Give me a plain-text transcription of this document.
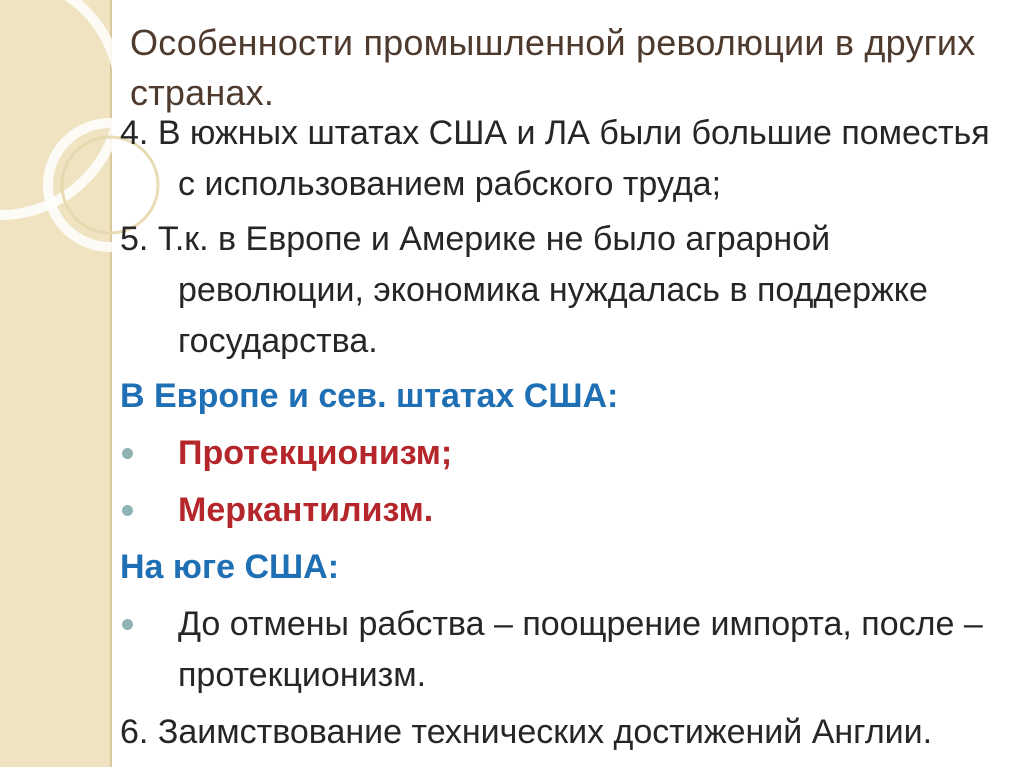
Особенности промышленной революции в других странах.
4. В южных штатах США и ЛА были большие поместья с использованием рабского труда;
5. Т.к. в Европе и Америке не было аграрной революции, экономика нуждалась в поддержке государства.
В Европе и сев. штатах США:
Протекционизм;
Меркантилизм.
На юге США:
До отмены рабства – поощрение импорта, после – протекционизм.
6. Заимствование технических достижений Англии.
